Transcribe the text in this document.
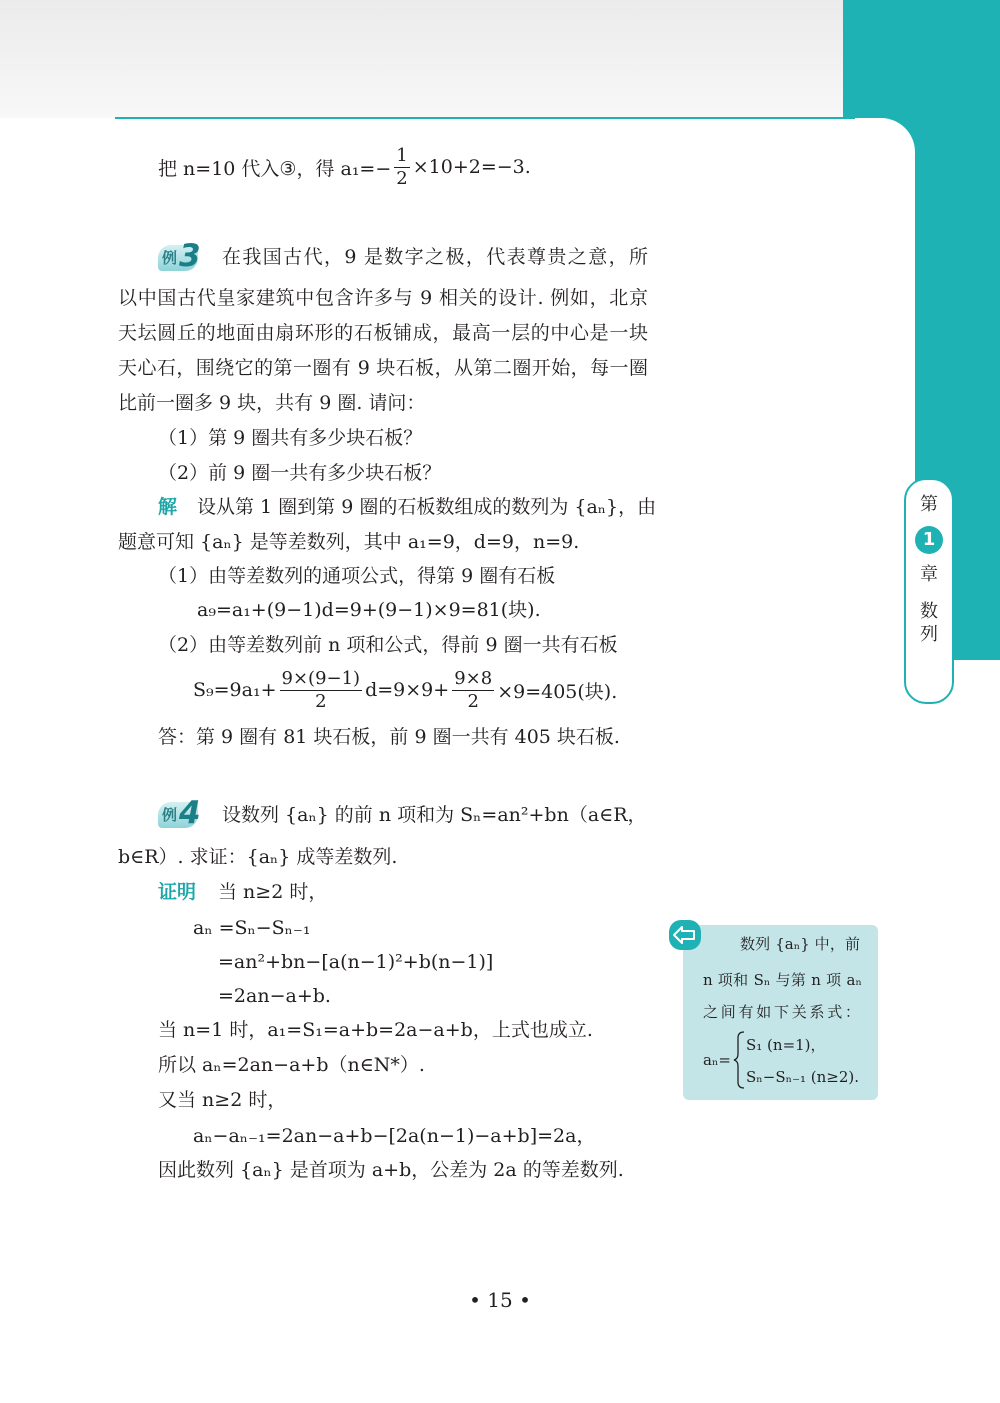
第
1
章
数
列
把 n=10 代入③，得 $a_1=- \frac{1}{2} \times 10+2=-3$.
例 3 在我国古代，9 是数字之极，代表尊贵之意，所
以中国古代皇家建筑中包含许多与 9 相关的设计. 例如，北京
天坛圆丘的地面由扇环形的石板铺成，最高一层的中心是一块
天心石，围绕它的第一圈有 9 块石板，从第二圈开始，每一圈
比前一圈多 9 块，共有 9 圈. 请问：
（1）第 9 圈共有多少块石板？
（2）前 9 圈一共有多少块石板？
解 设从第 1 圈到第 9 圈的石板数组成的数列为 {aₙ}，由
题意可知 {aₙ} 是等差数列，其中 a₁=9，d=9，n=9.
（1）由等差数列的通项公式，得第 9 圈有石板
a₉=a₁+(9−1)d=9+(9−1)×9=81(块).
（2）由等差数列前 n 项和公式，得前 9 圈一共有石板
$S_9=9a_1+ \frac{9\times(9-1)}{2} d=9\times 9+ \frac{9\times 8}{2} \times 9=405$(块).
答：第 9 圈有 81 块石板，前 9 圈一共有 405 块石板.
例 4 设数列 {aₙ} 的前 n 项和为 Sₙ=an²+bn（a∈R，
b∈R）. 求证：{aₙ} 成等差数列.
证明 当 n≥2 时，
aₙ =Sₙ−Sₙ₋₁
=an²+bn−[a(n−1)²+b(n−1)]
=2an−a+b.
当 n=1 时，a₁=S₁=a+b=2a−a+b，上式也成立.
所以 aₙ=2an−a+b（n∈N*）.
又当 n≥2 时，
aₙ−aₙ₋₁=2an−a+b−[2a(n−1)−a+b]=2a，
因此数列 {aₙ} 是首项为 a+b，公差为 2a 的等差数列.
数列 {aₙ} 中，前
n 项和 Sₙ 与第 n 项 aₙ
之间有如下关系式：
aₙ=
S₁ (n=1)，
Sₙ−Sₙ₋₁ (n≥2).
• 15 •
